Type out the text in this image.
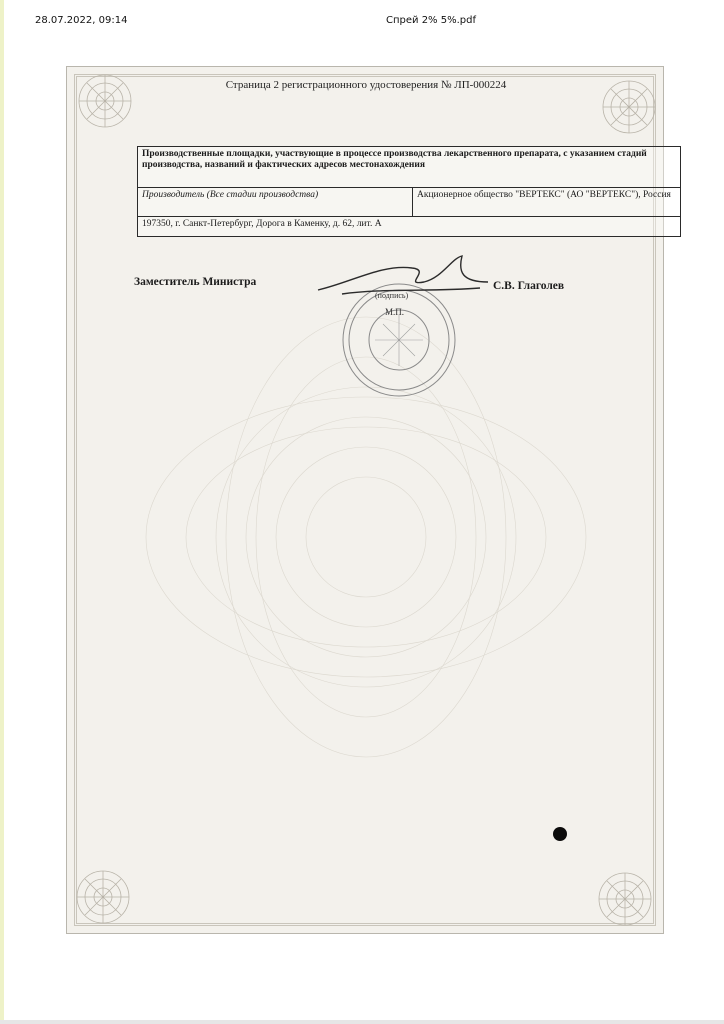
28.07.2022, 09:14	Спрей 2% 5%.pdf
Страница 2 регистрационного удостоверения № ЛП-000224
Производственные площадки, участвующие в процессе производства лекарственного препарата, с указанием стадий производства, названий и фактических адресов местонахождения
Производитель (Все стадии производства)	Акционерное общество "ВЕРТЕКС" (АО "ВЕРТЕКС"), Россия
197350, г. Санкт-Петербург, Дорога в Каменку, д. 62, лит. А
Заместитель Министра
(подпись)
М.П.
С.В. Глаголев
